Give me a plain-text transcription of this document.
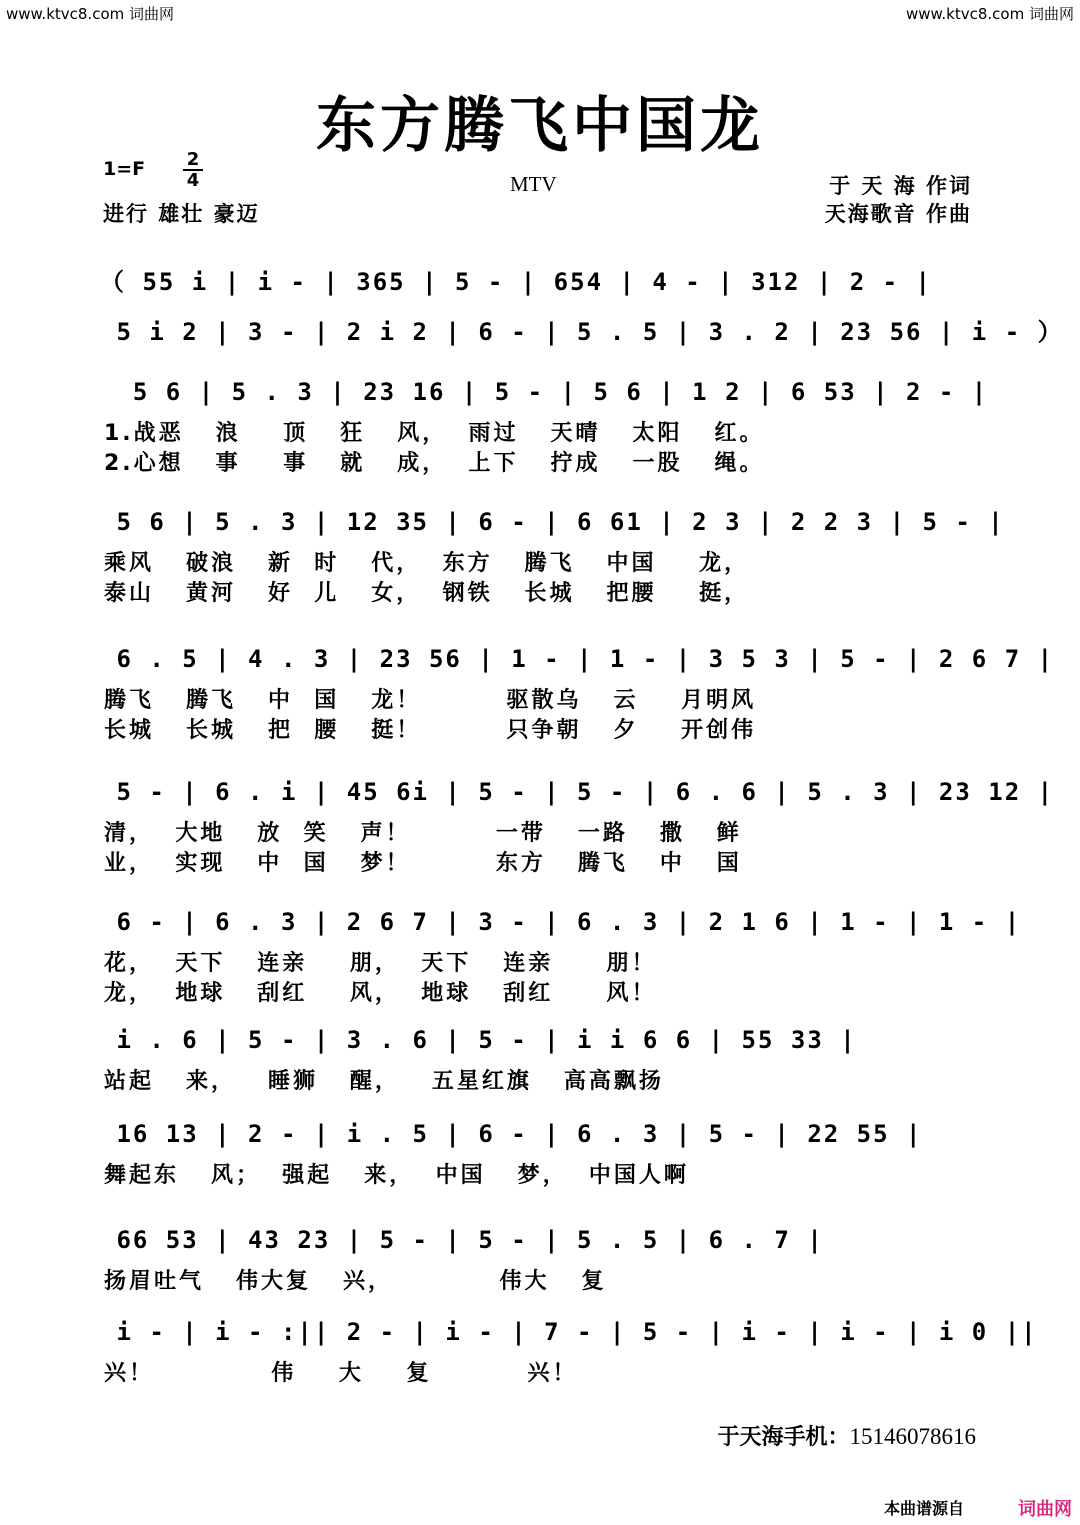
www.ktvc8.com 词曲网	www.ktvc8.com 词曲网
东方腾飞中国龙
1=F 2
4
进行 雄壮 豪迈
MTV	于 天 海 作词
天海歌音 作曲
（ 55 i | i - | 365 | 5 - | 654 | 4 - | 312 | 2 - |
5 i 2 | 3 - | 2 i 2 | 6 - | 5 . 5 | 3 . 2 | 23 56 | i - ）
5 6 | 5 . 3 | 23 16 | 5 - | 5 6 | 1 2 | 6 53 | 2 - |
1.战恶   浪    顶   狂   风，  雨过   天晴   太阳   红。
2.心想   事    事   就   成，  上下   拧成   一股   绳。
5 6 | 5 . 3 | 12 35 | 6 - | 6 61 | 2 3 | 2 2 3 | 5 - |
乘风   破浪   新  时   代，  东方   腾飞   中国    龙，
泰山   黄河   好  儿   女，  钢铁   长城   把腰    挺，
6 . 5 | 4 . 3 | 23 56 | 1 - | 1 - | 3 5 3 | 5 - | 2 6 7 |
腾飞   腾飞   中  国   龙！        驱散乌   云    月明风
长城   长城   把  腰   挺！        只争朝   夕    开创伟
5 - | 6 . i | 45 6i | 5 - | 5 - | 6 . 6 | 5 . 3 | 23 12 |
清，  大地   放  笑   声！        一带   一路   撒   鲜
业，  实现   中  国   梦！        东方   腾飞   中   国
6 - | 6 . 3 | 2 6 7 | 3 - | 6 . 3 | 2 1 6 | 1 - | 1 - |
花，  天下   连亲    朋，  天下   连亲     朋！
龙，  地球   刮红    风，  地球   刮红     风！
i . 6 | 5 - | 3 . 6 | 5 - | i i 6 6 | 55 33 |
站起   来，   睡狮   醒，   五星红旗   高高飘扬
16 13 | 2 - | i . 5 | 6 - | 6 . 3 | 5 - | 22 55 |
舞起东   风；  强起   来，  中国   梦，  中国人啊
66 53 | 43 23 | 5 - | 5 - | 5 . 5 | 6 . 7 |
扬眉吐气   伟大复   兴，          伟大   复
i - | i - :|| 2 - | i - | 7 - | 5 - | i - | i - | i 0 ||
兴！           伟    大    复         兴！
于天海手机：15146078616
本曲谱源自	词曲网
